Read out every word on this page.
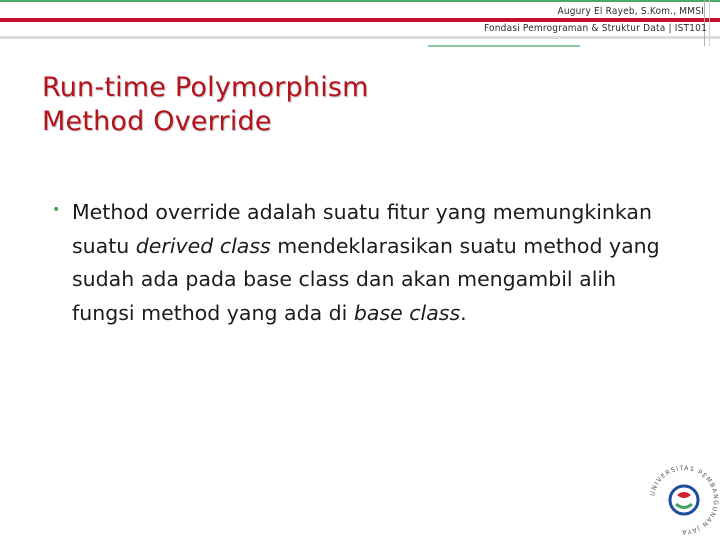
Augury El Rayeb, S.Kom., MMSI
Fondasi Pemrograman & Struktur Data | IST101
Run-time Polymorphism
Method Override
• Method override adalah suatu fitur yang memungkinkan suatu derived class mendeklarasikan suatu method yang sudah ada pada base class dan akan mengambil alih fungsi method yang ada di base class.
UNIVERSITAS PEMBANGUNAN JAYA
